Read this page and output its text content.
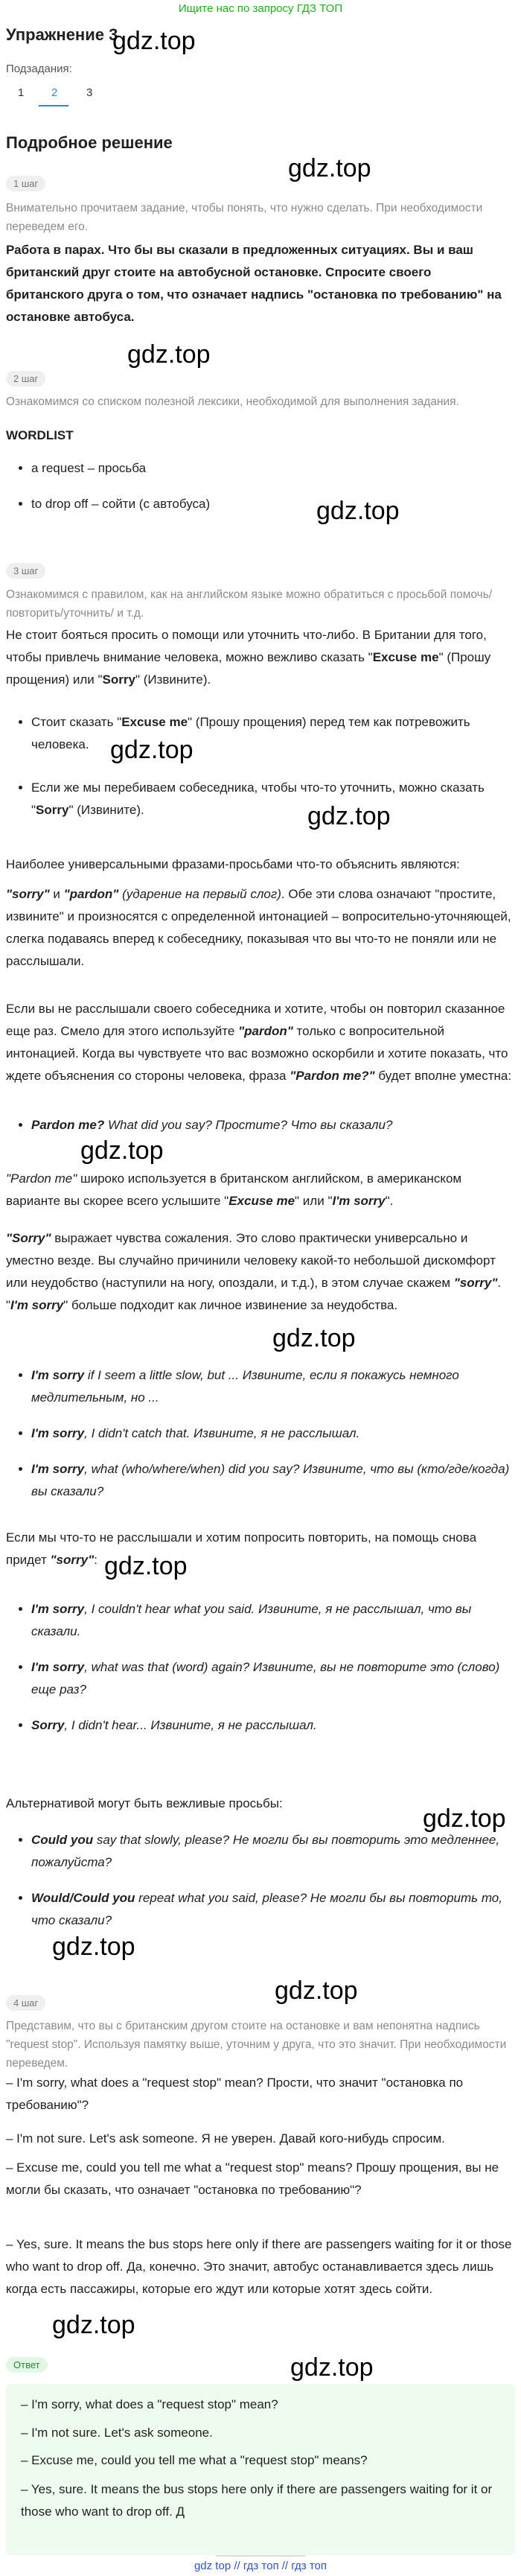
Ищите нас по запросу ГДЗ ТОП
Упражнение 3
gdz.top
Подзадания:
1 2	3
Подробное решение
gdz.top
1 шаг
Внимательно прочитаем задание, чтобы понять, что нужно сделать. При необходимости переведем его.
Работа в парах. Что бы вы сказали в предложенных ситуациях. Вы и ваш британский друг стоите на автобусной остановке. Спросите своего британского друга о том, что означает надпись "остановка по требованию" на остановке автобуса.
gdz.top
2 шаг
Ознакомимся со списком полезной лексики, необходимой для выполнения задания.
WORDLIST
• a request – просьба
• to drop off – сойти (с автобуса)	gdz.top
3 шаг
Ознакомимся с правилом, как на английском языке можно обратиться с просьбой помочь/повторить/уточнить/ и т.д.
Не стоит бояться просить о помощи или уточнить что-либо. В Британии для того, чтобы привлечь внимание человека, можно вежливо сказать "Excuse me" (Прошу прощения) или "Sorry" (Извините).
• Стоит сказать "Excuse me" (Прошу прощения) перед тем как потревожить человека.
• Если же мы перебиваем собеседника, чтобы что-то уточнить, можно сказать "Sorry" (Извините).
gdz.top
gdz.top
Наиболее универсальными фразами-просьбами что-то объяснить являются:
"sorry" и "pardon" (ударение на первый слог). Обе эти слова означают "простите, извините" и произносятся с определенной интонацией – вопросительно-уточняющей, слегка подаваясь вперед к собеседнику, показывая что вы что-то не поняли или не расслышали.
Если вы не расслышали своего собеседника и хотите, чтобы он повторил сказанное еще раз. Смело для этого используйте "pardon" только с вопросительной интонацией. Когда вы чувствуете что вас возможно оскорбили и хотите показать, что ждете объяснения со стороны человека, фраза "Pardon me?" будет вполне уместна:
• Pardon me? What did you say? Простите? Что вы сказали?
gdz.top
"Pardon me" широко используется в британском английском, в американском варианте вы скорее всего услышите "Excuse me" или "I'm sorry".
"Sorry" выражает чувства сожаления. Это слово практически универсально и уместно везде. Вы случайно причинили человеку какой-то небольшой дискомфорт или неудобство (наступили на ногу, опоздали, и т.д.), в этом случае скажем "sorry". "I'm sorry" больше подходит как личное извинение за неудобства.
gdz.top
• I'm sorry if I seem a little slow, but ... Извините, если я покажусь немного медлительным, но ...
• I'm sorry, I didn't catch that. Извините, я не расслышал.
• I'm sorry, what (who/where/when) did you say? Извините, что вы (кто/где/когда) вы сказали?
Если мы что-то не расслышали и хотим попросить повторить, на помощь снова придет "sorry": gdz.top
• I'm sorry, I couldn't hear what you said. Извините, я не расслышал, что вы сказали.
• I'm sorry, what was that (word) again? Извините, вы не повторите это (слово) еще раз?
• Sorry, I didn't hear... Извините, я не расслышал.
Альтернативой могут быть вежливые просьбы:
gdz.top
• Could you say that slowly, please? Не могли бы вы повторить это медленнее, пожалуйста?
• Would/Could you repeat what you said, please? Не могли бы вы повторить то, что сказали?
gdz.top
gdz.top
4 шаг
Представим, что вы с британским другом стоите на остановке и вам непонятна надпись "request stop". Используя памятку выше, уточним у друга, что это значит. При необходимости переведем.
– I'm sorry, what does a "request stop" mean? Прости, что значит "остановка по требованию"?
– I'm not sure. Let's ask someone. Я не уверен. Давай кого-нибудь спросим.
– Excuse me, could you tell me what a "request stop" means? Прошу прощения, вы не могли бы сказать, что означает "остановка по требованию"?
– Yes, sure. It means the bus stops here only if there are passengers waiting for it or those who want to drop off. Да, конечно. Это значит, автобус останавливается здесь лишь когда есть пассажиры, которые его ждут или которые хотят здесь сойти.
gdz.top
gdz.top
Ответ
– I'm sorry, what does a "request stop" mean?
– I'm not sure. Let's ask someone.
– Excuse me, could you tell me what a "request stop" means?
– Yes, sure. It means the bus stops here only if there are passengers waiting for it or those who want to drop off. Д
gdz top // гдз топ // гдз топ
